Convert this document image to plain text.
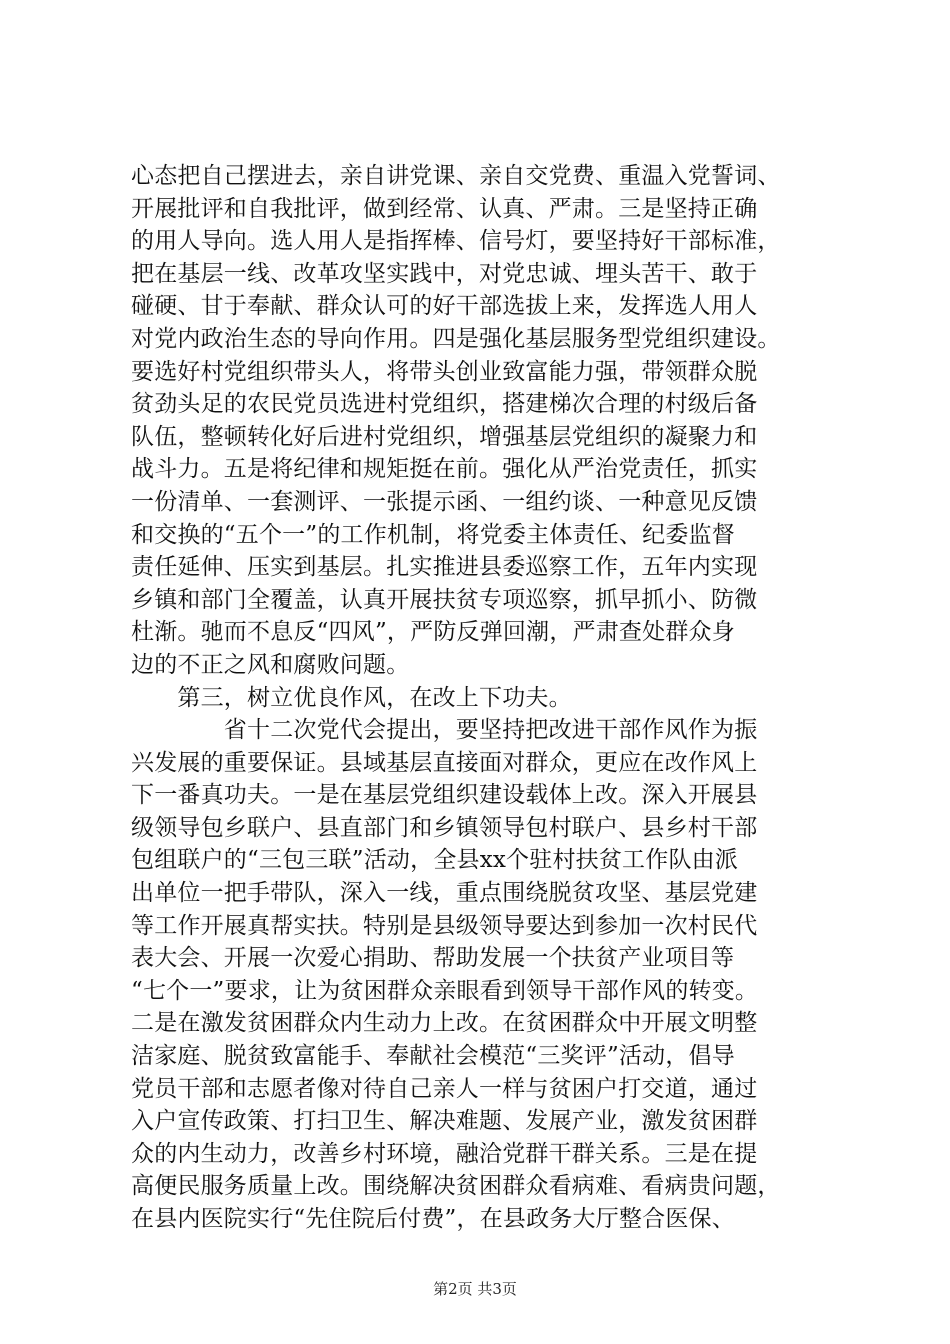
心态把自己摆进去，亲自讲党课、亲自交党费、重温入党誓词、
开展批评和自我批评，做到经常、认真、严肃。三是坚持正确
的用人导向。选人用人是指挥棒、信号灯，要坚持好干部标准，
把在基层一线、改革攻坚实践中，对党忠诚、埋头苦干、敢于
碰硬、甘于奉献、群众认可的好干部选拔上来，发挥选人用人
对党内政治生态的导向作用。四是强化基层服务型党组织建设。
要选好村党组织带头人，将带头创业致富能力强，带领群众脱
贫劲头足的农民党员选进村党组织，搭建梯次合理的村级后备
队伍，整顿转化好后进村党组织，增强基层党组织的凝聚力和
战斗力。五是将纪律和规矩挺在前。强化从严治党责任，抓实
一份清单、一套测评、一张提示函、一组约谈、一种意见反馈
和交换的“五个一”的工作机制，将党委主体责任、纪委监督
责任延伸、压实到基层。扎实推进县委巡察工作，五年内实现
乡镇和部门全覆盖，认真开展扶贫专项巡察，抓早抓小、防微
杜渐。驰而不息反“四风”，严防反弹回潮，严肃查处群众身
边的不正之风和腐败问题。
　　第三，树立优良作风，在改上下功夫。
　　　　省十二次党代会提出，要坚持把改进干部作风作为振
兴发展的重要保证。县域基层直接面对群众，更应在改作风上
下一番真功夫。一是在基层党组织建设载体上改。深入开展县
级领导包乡联户、县直部门和乡镇领导包村联户、县乡村干部
包组联户的“三包三联”活动，全县xx个驻村扶贫工作队由派
出单位一把手带队，深入一线，重点围绕脱贫攻坚、基层党建
等工作开展真帮实扶。特别是县级领导要达到参加一次村民代
表大会、开展一次爱心捐助、帮助发展一个扶贫产业项目等
“七个一”要求，让为贫困群众亲眼看到领导干部作风的转变。
二是在激发贫困群众内生动力上改。在贫困群众中开展文明整
洁家庭、脱贫致富能手、奉献社会模范“三奖评”活动，倡导
党员干部和志愿者像对待自己亲人一样与贫困户打交道，通过
入户宣传政策、打扫卫生、解决难题、发展产业，激发贫困群
众的内生动力，改善乡村环境，融洽党群干群关系。三是在提
高便民服务质量上改。围绕解决贫困群众看病难、看病贵问题，
在县内医院实行“先住院后付费”，在县政务大厅整合医保、
第2页 共3页
